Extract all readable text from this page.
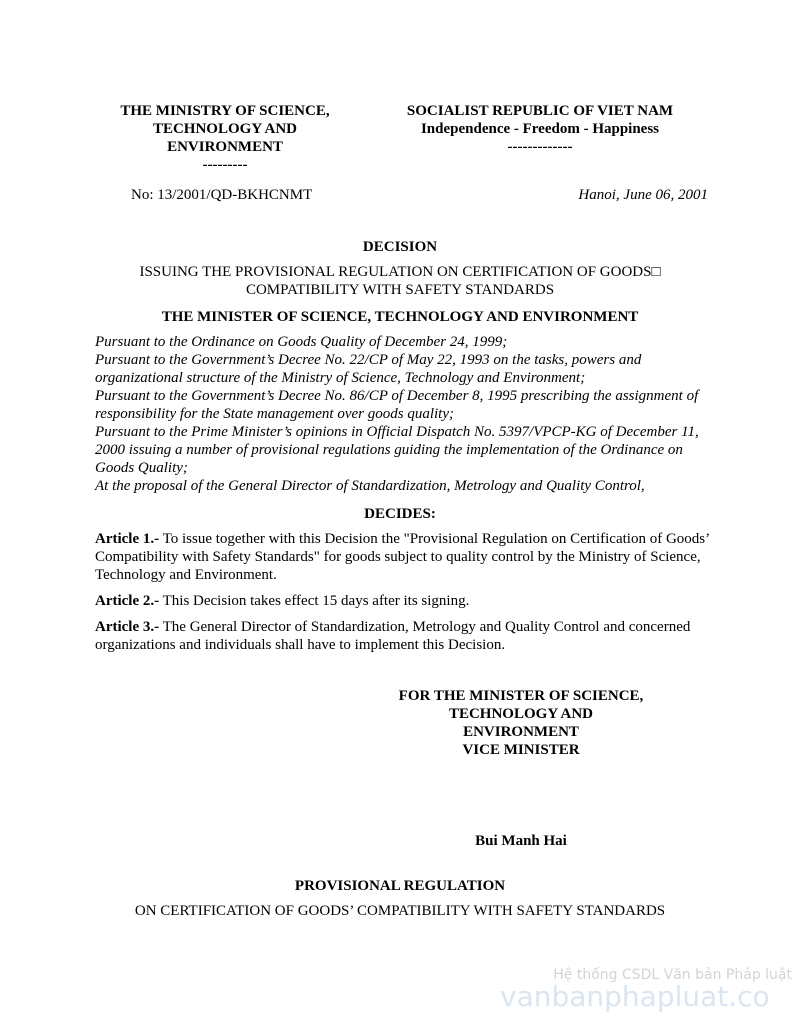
THE MINISTRY OF SCIENCE,
TECHNOLOGY AND
ENVIRONMENT
---------
SOCIALIST REPUBLIC OF VIET NAM
Independence - Freedom - Happiness
-------------
No: 13/2001/QD-BKHCNMT	Hanoi, June 06, 2001
DECISION
ISSUING THE PROVISIONAL REGULATION ON CERTIFICATION OF GOODS□
COMPATIBILITY WITH SAFETY STANDARDS
THE MINISTER OF SCIENCE, TECHNOLOGY AND ENVIRONMENT
Pursuant to the Ordinance on Goods Quality of December 24, 1999;
Pursuant to the Government’s Decree No. 22/CP of May 22, 1993 on the tasks, powers and organizational structure of the Ministry of Science, Technology and Environment;
Pursuant to the Government’s Decree No. 86/CP of December 8, 1995 prescribing the assignment of responsibility for the State management over goods quality;
Pursuant to the Prime Minister’s opinions in Official Dispatch No. 5397/VPCP-KG of December 11, 2000 issuing a number of provisional regulations guiding the implementation of the Ordinance on Goods Quality;
At the proposal of the General Director of Standardization, Metrology and Quality Control,
DECIDES:
Article 1.- To issue together with this Decision the "Provisional Regulation on Certification of Goods’ Compatibility with Safety Standards" for goods subject to quality control by the Ministry of Science, Technology and Environment.
Article 2.- This Decision takes effect 15 days after its signing.
Article 3.- The General Director of Standardization, Metrology and Quality Control and concerned organizations and individuals shall have to implement this Decision.
FOR THE MINISTER OF SCIENCE,
TECHNOLOGY AND
ENVIRONMENT
VICE MINISTER
Bui Manh Hai
PROVISIONAL REGULATION
ON CERTIFICATION OF GOODS’ COMPATIBILITY WITH SAFETY STANDARDS
Hệ thống CSDL Văn bản Pháp luật
vanbanphapluat.co
